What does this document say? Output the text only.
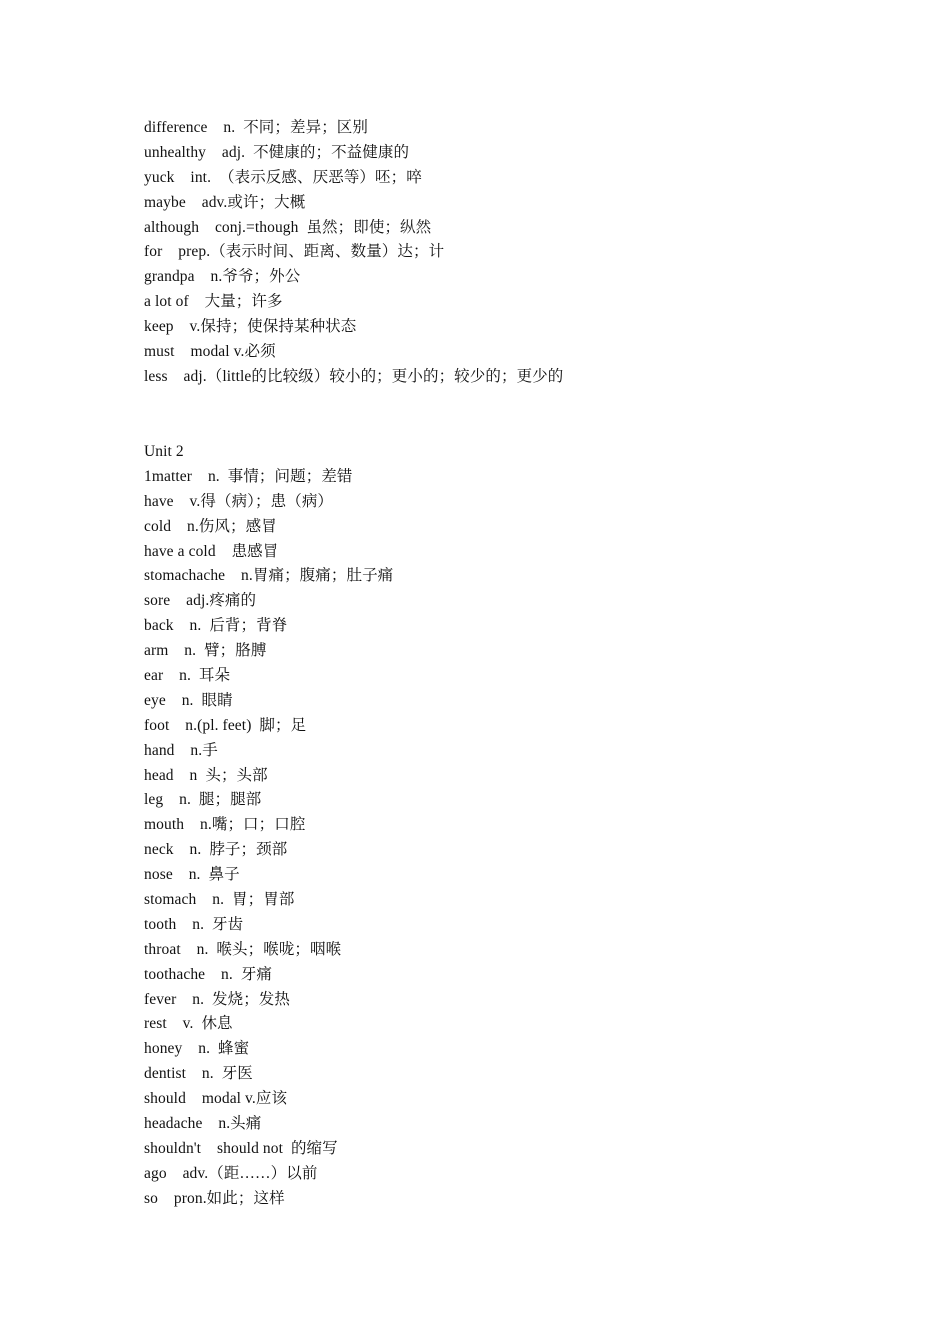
difference    n.  不同；差异；区别
unhealthy    adj.  不健康的；不益健康的
yuck    int.  （表示反感、厌恶等）呸；啐
maybe    adv.或许；大概
although    conj.=though  虽然；即使；纵然
for    prep.（表示时间、距离、数量）达；计
grandpa    n.爷爷；外公
a lot of    大量；许多
keep    v.保持；使保持某种状态
must    modal v.必须
less    adj.（little的比较级）较小的；更小的；较少的；更少的
Unit 2
1matter    n.  事情；问题；差错
have    v.得（病）；患（病）
cold    n.伤风；感冒
have a cold    患感冒
stomachache    n.胃痛；腹痛；肚子痛
sore    adj.疼痛的
back    n.  后背；背脊
arm    n.  臂；胳膊
ear    n.  耳朵
eye    n.  眼睛
foot    n.(pl. feet)  脚；足
hand    n.手
head    n  头；头部
leg    n.  腿；腿部
mouth    n.嘴；口；口腔
neck    n.  脖子；颈部
nose    n.  鼻子
stomach    n.  胃；胃部
tooth    n.  牙齿
throat    n.  喉头；喉咙；咽喉
toothache    n.  牙痛
fever    n.  发烧；发热
rest    v.  休息
honey    n.  蜂蜜
dentist    n.  牙医
should    modal v.应该
headache    n.头痛
shouldn't    should not  的缩写
ago    adv.（距……）以前
so    pron.如此；这样
